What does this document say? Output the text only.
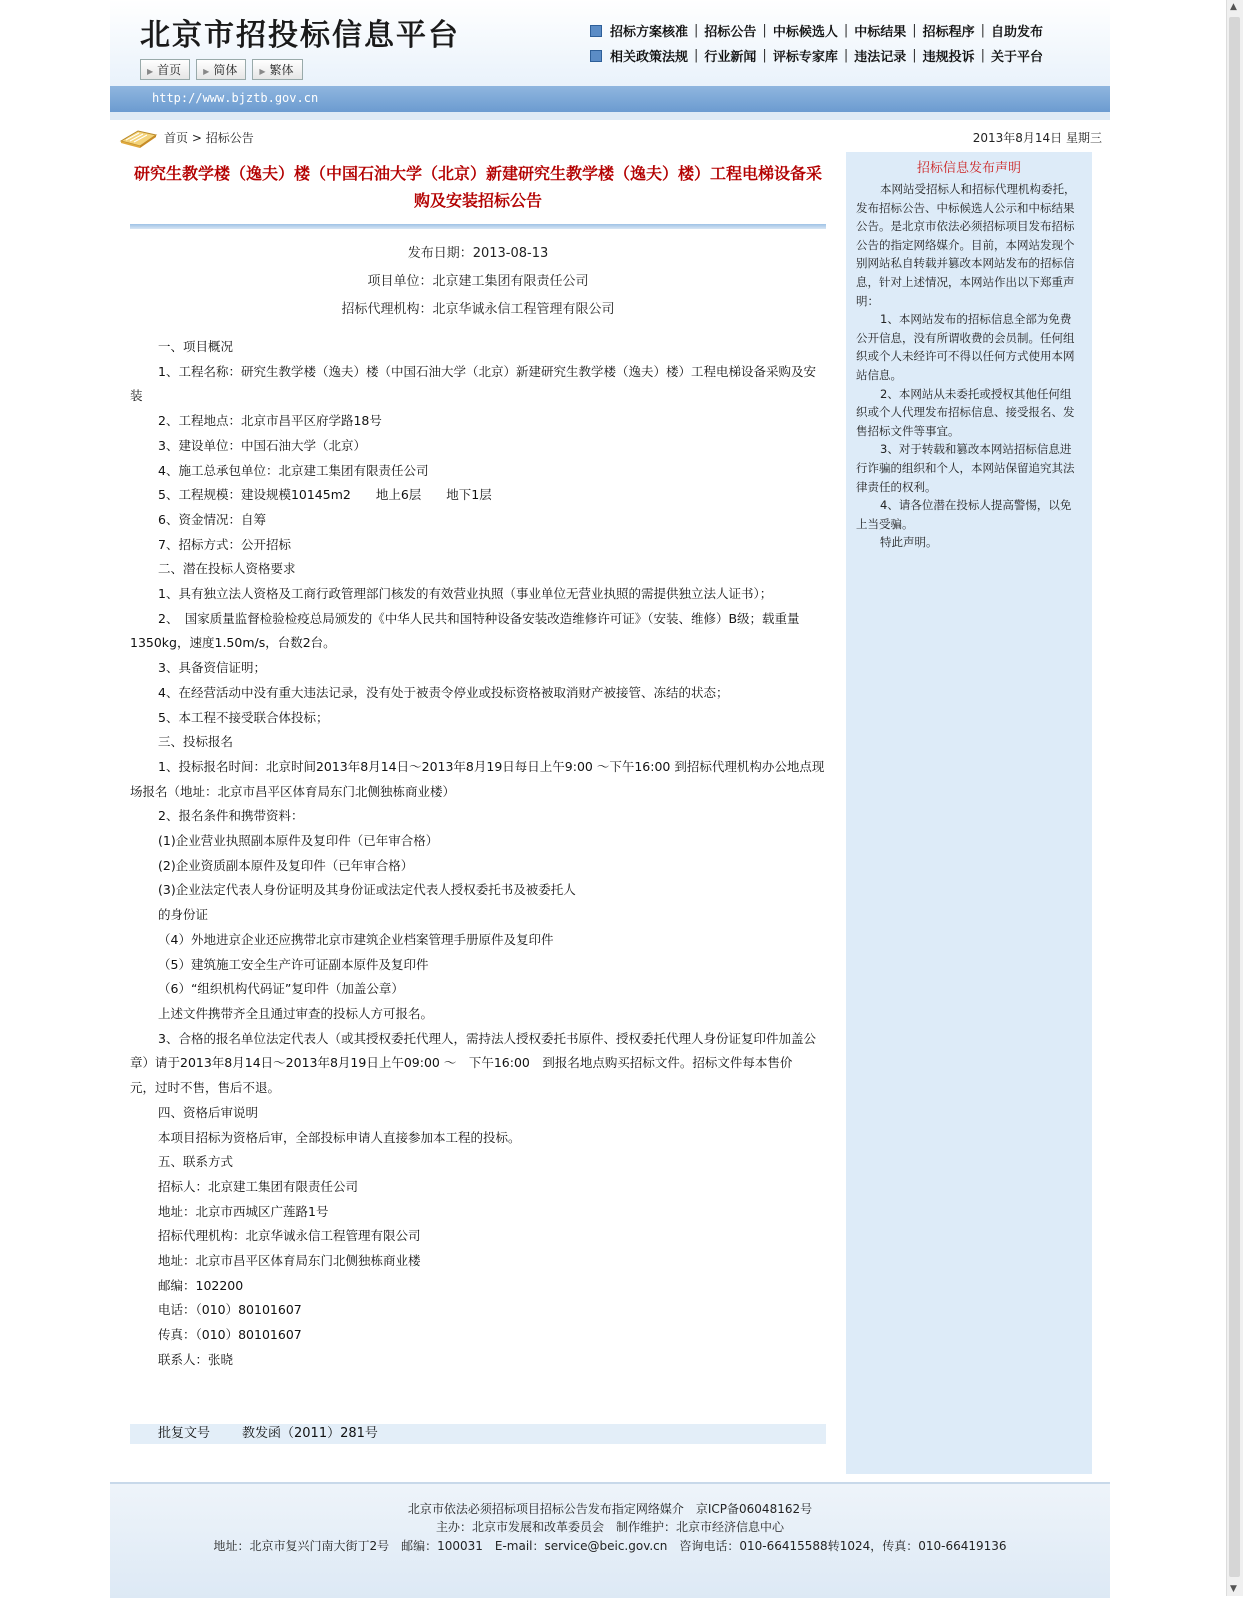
北京市招投标信息平台
▶ 首页	▶ 简体	▶ 繁体
招标方案核准 | 招标公告 | 中标候选人 | 中标结果 | 招标程序 | 自助发布
相关政策法规 | 行业新闻 | 评标专家库 | 违法记录 | 违规投诉 | 关于平台
http://www.bjztb.gov.cn
首页 > 招标公告	2013年8月14日 星期三
研究生教学楼（逸夫）楼（中国石油大学（北京）新建研究生教学楼（逸夫）楼）工程电梯设备采购及安装招标公告
发布日期：2013-08-13
项目单位：北京建工集团有限责任公司
招标代理机构：北京华诚永信工程管理有限公司

一、项目概况

1、工程名称：研究生教学楼（逸夫）楼（中国石油大学（北京）新建研究生教学楼（逸夫）楼）工程电梯设备采购及安装

2、工程地点：北京市昌平区府学路18号

3、建设单位：中国石油大学（北京）

4、施工总承包单位：北京建工集团有限责任公司

5、工程规模：建设规模10145m2　　地上6层　　地下1层

6、资金情况：自筹

7、招标方式：公开招标

二、潜在投标人资格要求

1、具有独立法人资格及工商行政管理部门核发的有效营业执照（事业单位无营业执照的需提供独立法人证书）；

2、　国家质量监督检验检疫总局颁发的《中华人民共和国特种设备安装改造维修许可证》（安装、维修）B级；载重量1350kg，速度1.50m/s，台数2台。

3、具备资信证明；

4、在经营活动中没有重大违法记录，没有处于被责令停业或投标资格被取消财产被接管、冻结的状态；

5、本工程不接受联合体投标；

三、投标报名

1、投标报名时间：北京时间2013年8月14日～2013年8月19日每日上午9:00 ～下午16:00 到招标代理机构办公地点现场报名（地址：北京市昌平区体育局东门北侧独栋商业楼）

2、报名条件和携带资料：

(1)企业营业执照副本原件及复印件（已年审合格）

(2)企业资质副本原件及复印件（已年审合格）

(3)企业法定代表人身份证明及其身份证或法定代表人授权委托书及被委托人

的身份证

（4）外地进京企业还应携带北京市建筑企业档案管理手册原件及复印件

（5）建筑施工安全生产许可证副本原件及复印件

（6）“组织机构代码证”复印件（加盖公章）

上述文件携带齐全且通过审查的投标人方可报名。

3、合格的报名单位法定代表人（或其授权委托代理人，需持法人授权委托书原件、授权委托代理人身份证复印件加盖公章）请于2013年8月14日～2013年8月19日上午09:00 ～　下午16:00　到报名地点购买招标文件。招标文件每本售价　 元，过时不售，售后不退。

四、资格后审说明

本项目招标为资格后审，全部投标申请人直接参加本工程的投标。

五、联系方式

招标人：北京建工集团有限责任公司

地址：北京市西城区广莲路1号

招标代理机构：北京华诚永信工程管理有限公司

地址：北京市昌平区体育局东门北侧独栋商业楼

邮编：102200

电话：（010）80101607

传真：（010）80101607

联系人：张晓

批复文号 教发函（2011）281号
招标信息发布声明

本网站受招标人和招标代理机构委托，发布招标公告、中标候选人公示和中标结果公告。是北京市依法必须招标项目发布招标公告的指定网络媒介。目前，本网站发现个别网站私自转载并篡改本网站发布的招标信息，针对上述情况，本网站作出以下郑重声明：

1、本网站发布的招标信息全部为免费公开信息，没有所谓收费的会员制。任何组织或个人未经许可不得以任何方式使用本网站信息。

2、本网站从未委托或授权其他任何组织或个人代理发布招标信息、接受报名、发售招标文件等事宜。

3、对于转载和篡改本网站招标信息进行诈骗的组织和个人，本网站保留追究其法律责任的权利。

4、请各位潜在投标人提高警惕，以免上当受骗。

特此声明。

北京市依法必须招标项目招标公告发布指定网络媒介　京ICP备06048162号
主办：北京市发展和改革委员会　制作维护：北京市经济信息中心
地址：北京市复兴门南大街丁2号　邮编：100031　E-mail：service@beic.gov.cn　咨询电话：010-66415588转1024，传真：010-66419136
▲
▼
